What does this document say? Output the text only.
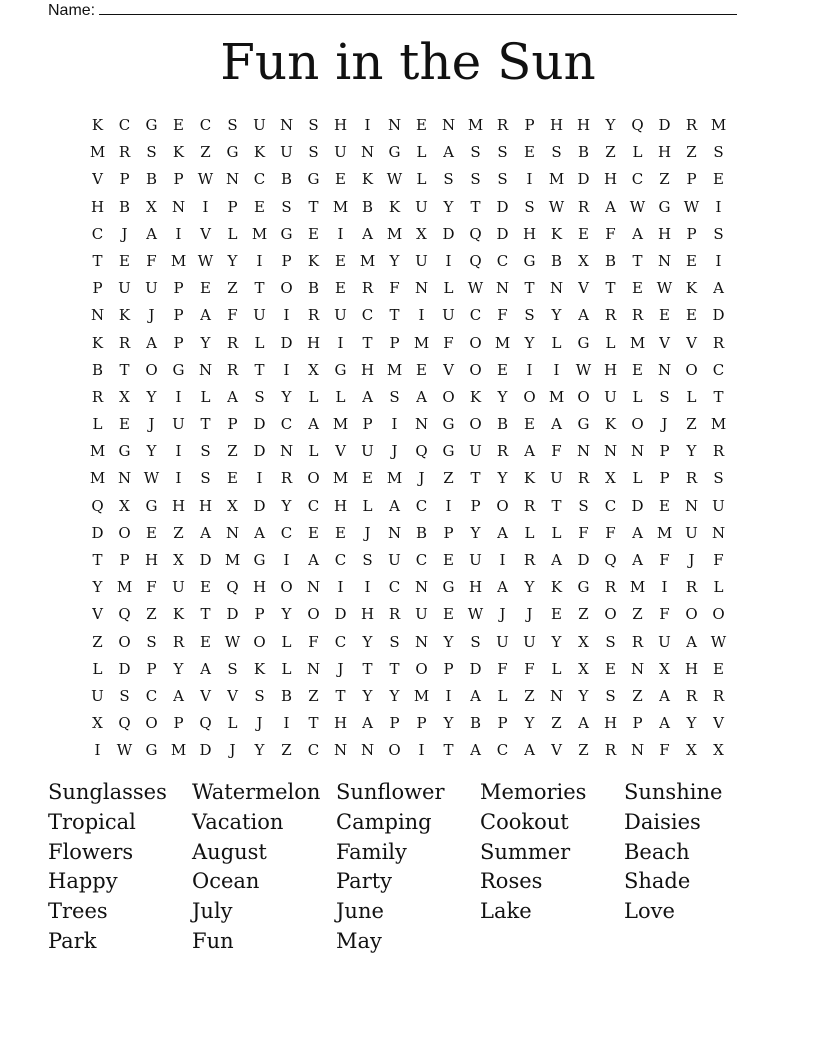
Name:
Fun in the Sun
K	C	G	E	C	S	U N	S	H	I	N E N M R	P	H H	Y	Q D	R M
M R	S	K	Z	G	K	U	S	U N G	L	A	S	S	E	S	B	Z	L	H	Z	S
V	P	B	P W N C	B	G	E	K W L	S	S	S	I	M D H C	Z	P	E
H B	X	N	I	P	E	S	T M B	K	U	Y	T	D	S W R	A W G W	I
C	J	A	I	V	L M G	E	I	A M X	D Q D H K	E	F	A	H	P	S
T	E	F M W Y	I	P	K	E M Y	U	I	Q	C	G	B	X	B	T	N E	I
P	U U	P	E	Z	T	O	B	E	R	F	N	L W N	T	N	V	T	E W K	A
N K	J	P	A	F	U	I	R	U C	T	I	U C	F	S	Y	A	R	R	E	E	D
K	R	A	P	Y	R	L	D H	I	T	P M F	O M Y	L	G	L M V	V	R
B	T	O G N R	T	I	X	G H M E	V	O	E	I	I	W H E N O	C
R	X	Y	I	L	A	S	Y	L	L	A	S	A	O	K	Y	O M O U	L	S	L	T
L	E	J	U	T	P	D	C	A M P	I	N G O	B	E	A	G	K	O	J	Z M
M G	Y	I	S	Z	D N	L	V	U	J	Q G U	R	A	F	N N N	P	Y	R
M N W	I	S	E	I	R	O M E M	J	Z	T	Y	K	U	R	X	L	P	R	S
Q	X	G H H	X	D	Y	C H	L	A	C	I	P	O	R	T	S	C	D	E N U
D O	E	Z	A	N	A	C	E	E	J	N B	P	Y	A	L	L	F	F	A M U N
T	P	H	X	D M G	I	A	C	S	U C	E	U	I	R	A	D Q	A	F	J	F
Y M F	U	E	Q H O N	I	I	C N G H	A	Y	K	G	R M	I	R	L
V	Q	Z	K	T	D	P	Y	O D H R	U	E W	J	J	E	Z	O	Z	F	O O
Z	O	S	R	E W O	L	F	C	Y	S	N	Y	S	U U	Y	X	S	R	U	A W
L	D	P	Y	A	S	K	L	N	J	T	T	O	P	D	F	F	L	X	E N	X	H E
U	S	C	A	V	V	S	B	Z	T	Y	Y M	I	A	L	Z	N	Y	S	Z	A	R	R
X	Q O	P	Q	L	J	I	T	H	A	P	P	Y	B	P	Y	Z	A	H	P	A	Y	V
I	W G M D	J	Y	Z	C N N O	I	T	A	C	A	V	Z	R N	F	X	X
Sunglasses	Watermelon Sunflower	Memories	Sunshine
Tropical	Vacation	Camping	Cookout	Daisies
Flowers	August	Family	Summer	Beach
Happy	Ocean	Party	Roses	Shade
Trees	July	June	Lake	Love
Park	Fun	May
